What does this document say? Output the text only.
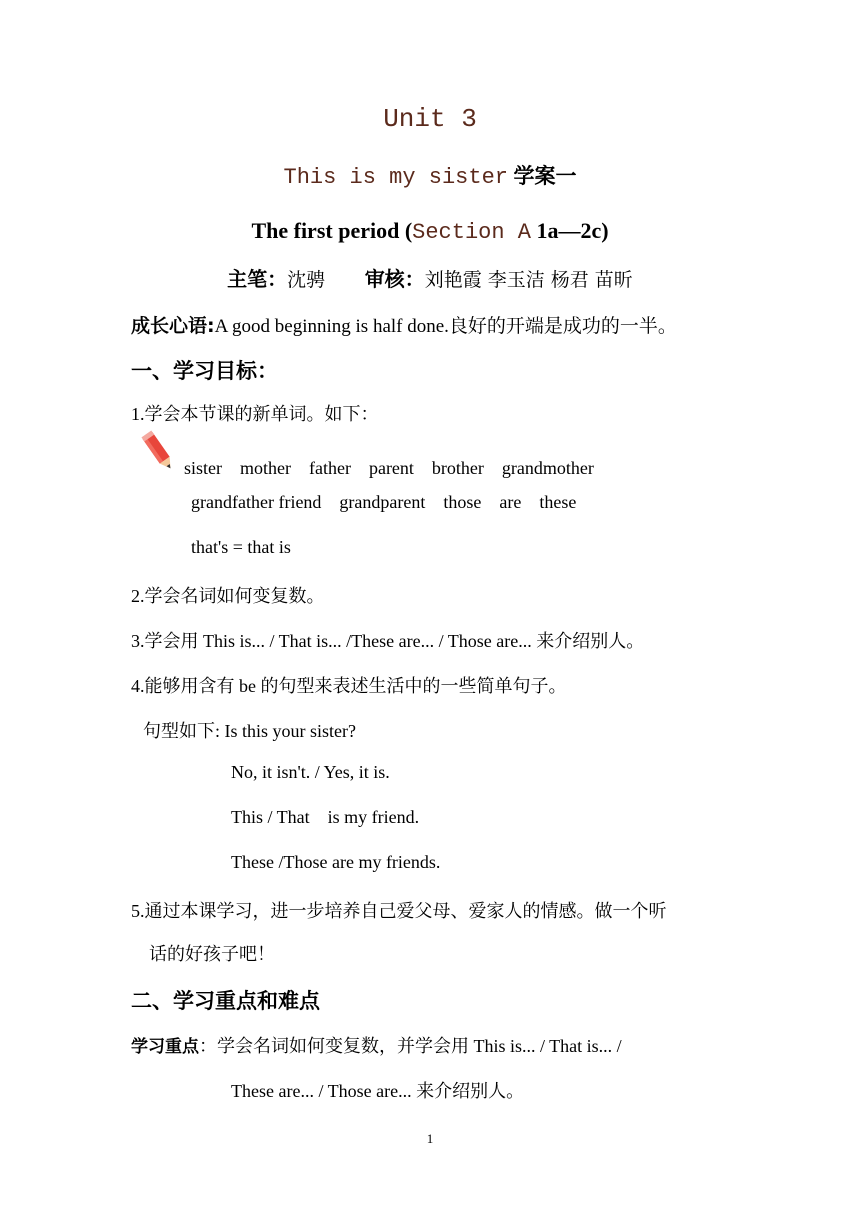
Unit 3
This is my sister 学案一
The first period (Section A 1a—2c)
主笔：沈骋 审核：刘艳霞 李玉洁 杨君 苗昕
成长心语:A good beginning is half done.良好的开端是成功的一半。
一、学习目标：
1.学会本节课的新单词。如下：
sister    mother    father    parent    brother    grandmother
grandfather friend    grandparent    those    are    these
that's = that is
2.学会名词如何变复数。
3.学会用 This is... / That is... /These are... / Those are... 来介绍别人。
4.能够用含有 be 的句型来表述生活中的一些简单句子。
句型如下: Is this your sister?
No, it isn't. / Yes, it is.
This / That    is my friend.
These /Those are my friends.
5.通过本课学习，进一步培养自己爱父母、爱家人的情感。做一个听
话的好孩子吧！
二、学习重点和难点
学习重点：学会名词如何变复数，并学会用 This is... / That is... /
These are... / Those are... 来介绍别人。
1
